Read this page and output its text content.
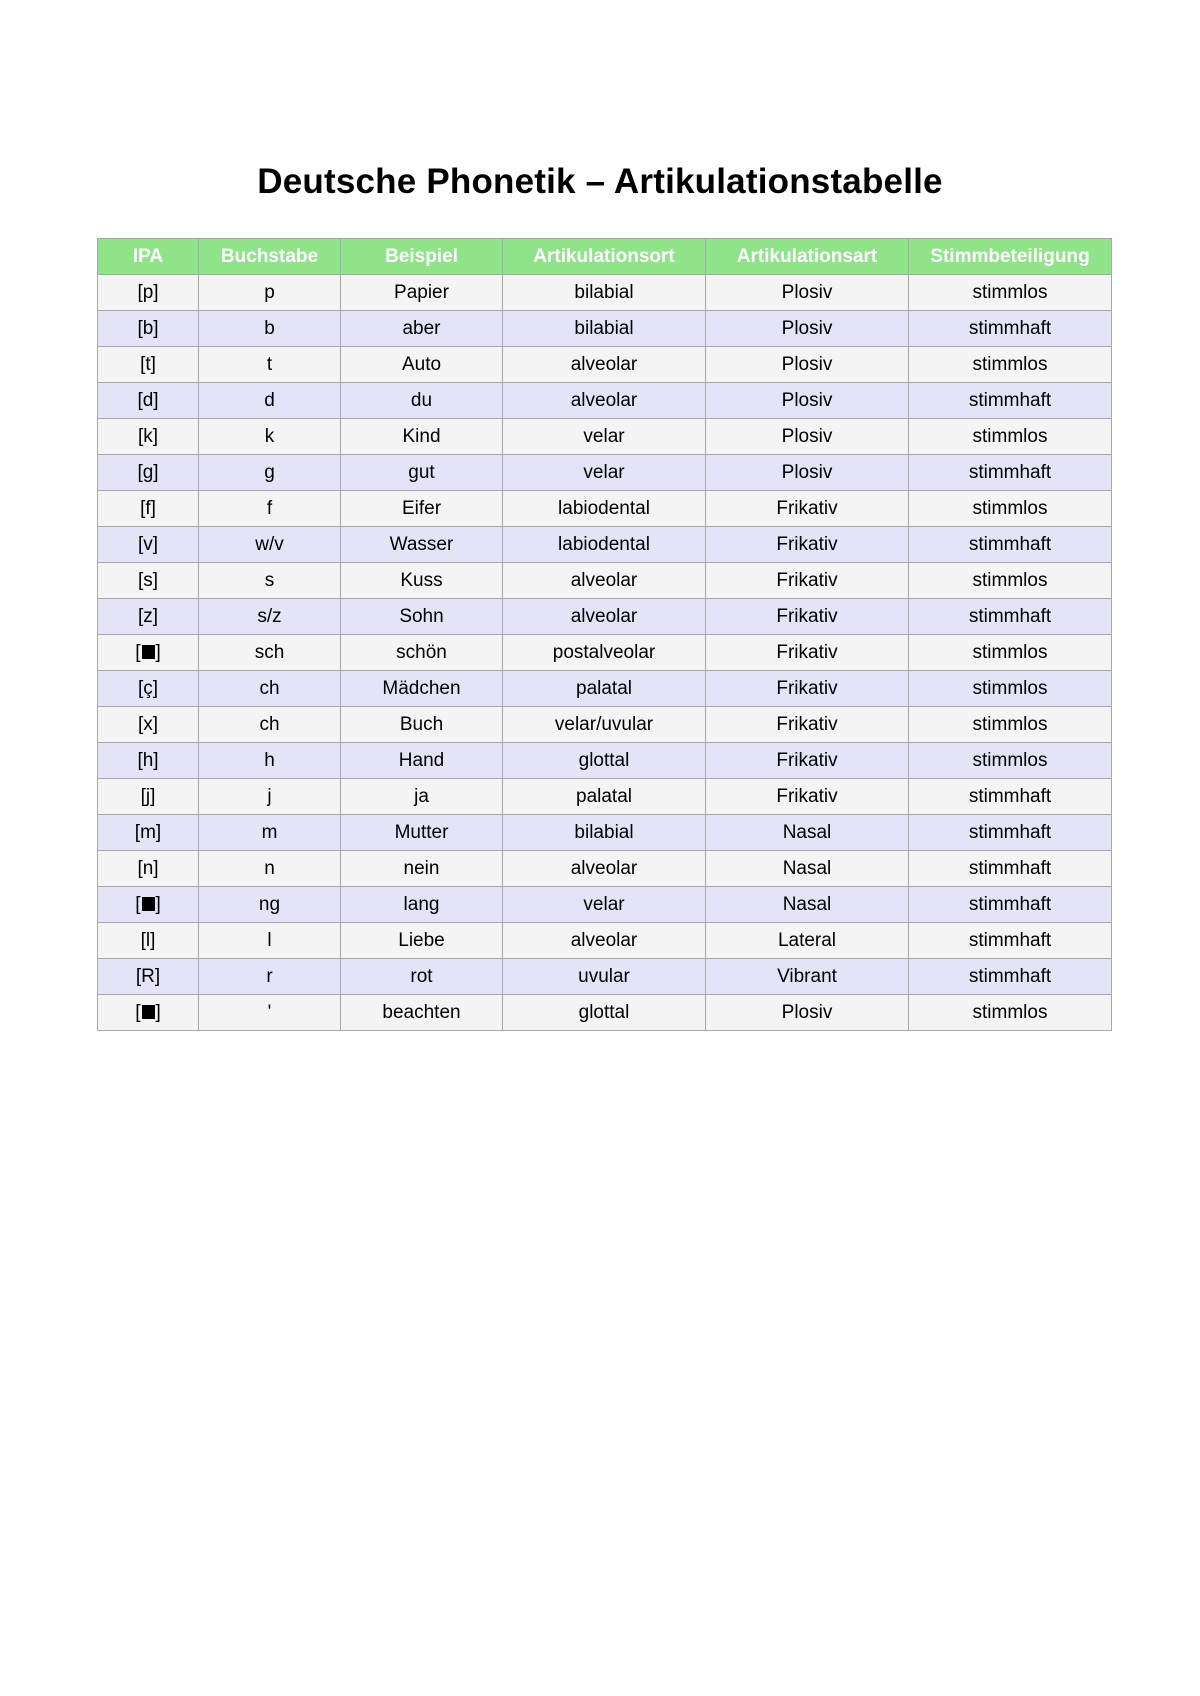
Deutsche Phonetik – Artikulationstabelle
IPA	Buchstabe	Beispiel	Artikulationsort	Artikulationsart	Stimmbeteiligung
[p]	p	Papier	bilabial	Plosiv	stimmlos
[b]	b	aber	bilabial	Plosiv	stimmhaft
[t]	t	Auto	alveolar	Plosiv	stimmlos
[d]	d	du	alveolar	Plosiv	stimmhaft
[k]	k	Kind	velar	Plosiv	stimmlos
[g]	g	gut	velar	Plosiv	stimmhaft
[f]	f	Eifer	labiodental	Frikativ	stimmlos
[v]	w/v	Wasser	labiodental	Frikativ	stimmhaft
[s]	s	Kuss	alveolar	Frikativ	stimmlos
[z]	s/z	Sohn	alveolar	Frikativ	stimmhaft
[ ]	sch	schön	postalveolar	Frikativ	stimmlos
[ç]	ch	Mädchen	palatal	Frikativ	stimmlos
[x]	ch	Buch	velar/uvular	Frikativ	stimmlos
[h]	h	Hand	glottal	Frikativ	stimmlos
[j]	j	ja	palatal	Frikativ	stimmhaft
[m]	m	Mutter	bilabial	Nasal	stimmhaft
[n]	n	nein	alveolar	Nasal	stimmhaft
[ ]	ng	lang	velar	Nasal	stimmhaft
[l]	l	Liebe	alveolar	Lateral	stimmhaft
[R]	r	rot	uvular	Vibrant	stimmhaft
[ ]	'	beachten	glottal	Plosiv	stimmlos
